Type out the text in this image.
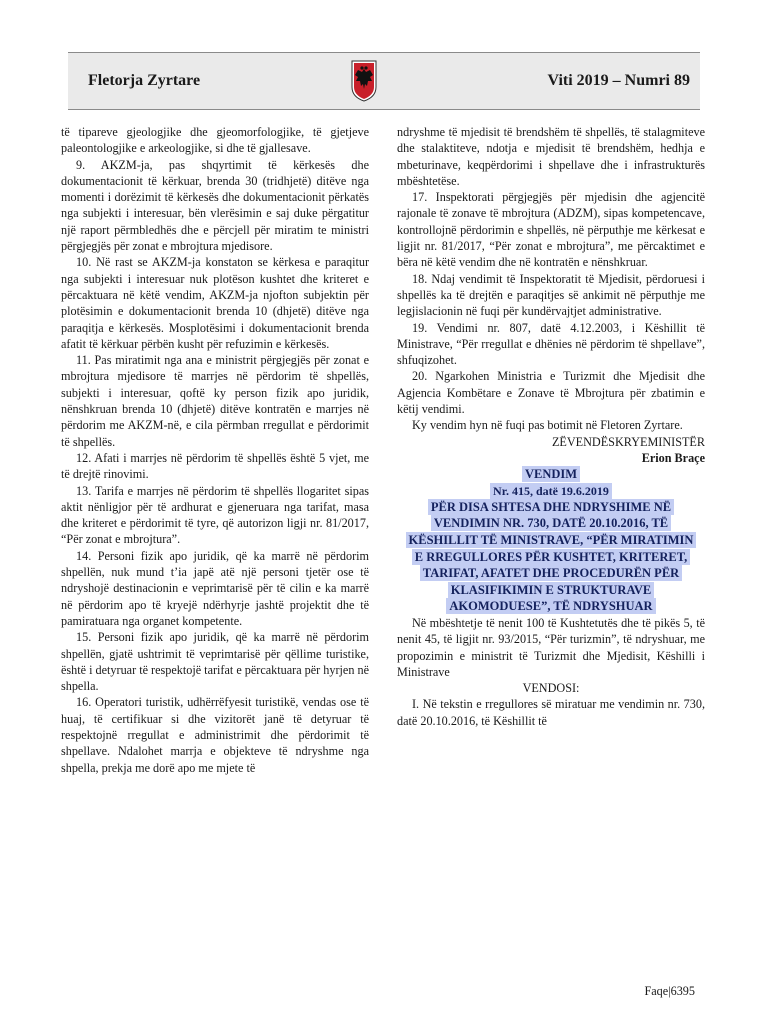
Fletorja Zyrtare	Viti 2019 – Numri 89

të tipareve gjeologjike dhe gjeomorfologjike, të gjetjeve paleontologjike e arkeologjike, si dhe të gjallesave.

9. AKZM-ja, pas shqyrtimit të kërkesës dhe dokumentacionit të kërkuar, brenda 30 (tridhjetë) ditëve nga momenti i dorëzimit të kërkesës dhe dokumentacionit përkatës nga subjekti i interesuar, bën vlerësimin e saj duke përgatitur një raport përmbledhës dhe e përcjell për miratim te ministri përgjegjës për zonat e mbrojtura mjedisore.

10. Në rast se AKZM-ja konstaton se kërkesa e paraqitur nga subjekti i interesuar nuk plotëson kushtet dhe kriteret e përcaktuara në këtë vendim, AKZM-ja njofton subjektin për plotësimin e dokumentacionit brenda 10 (dhjetë) ditëve nga paraqitja e kërkesës. Mosplotësimi i dokumentacionit brenda afatit të kërkuar përbën kusht për refuzimin e kërkesës.

11. Pas miratimit nga ana e ministrit përgjegjës për zonat e mbrojtura mjedisore të marrjes në përdorim të shpellës, subjekti i interesuar, qoftë ky person fizik apo juridik, nënshkruan brenda 10 (dhjetë) ditëve kontratën e marrjes në përdorim me AKZM-në, e cila përmban rregullat e përdorimit të shpellës.

12. Afati i marrjes në përdorim të shpellës është 5 vjet, me të drejtë rinovimi.

13. Tarifa e marrjes në përdorim të shpellës llogaritet sipas aktit nënligjor për të ardhurat e gjeneruara nga tarifat, masa dhe kriteret e përdorimit të tyre, që autorizon ligji nr. 81/2017, “Për zonat e mbrojtura”.

14. Personi fizik apo juridik, që ka marrë në përdorim shpellën, nuk mund t’ia japë atë një personi tjetër ose të ndryshojë destinacionin e veprimtarisë për të cilin e ka marrë në përdorim apo të kryejë ndërhyrje jashtë projektit dhe të pamiratuara nga organet kompetente.

15. Personi fizik apo juridik, që ka marrë në përdorim shpellën, gjatë ushtrimit të veprimtarisë për qëllime turistike, është i detyruar të respektojë tarifat e përcaktuara për hyrjen në shpella.

16. Operatori turistik, udhërrëfyesit turistikë, vendas ose të huaj, të certifikuar si dhe vizitorët janë të detyruar të respektojnë rregullat e administrimit dhe përdorimit të shpellave. Ndalohet marrja e objekteve të ndryshme nga shpella, prekja me dorë apo me mjete të

ndryshme të mjedisit të brendshëm të shpellës, të stalagmiteve dhe stalaktiteve, ndotja e mjedisit të brendshëm, hedhja e mbeturinave, keqpërdorimi i shpellave dhe i infrastrukturës mbështetëse.

17. Inspektorati përgjegjës për mjedisin dhe agjencitë rajonale të zonave të mbrojtura (ADZM), sipas kompetencave, kontrollojnë përdorimin e shpellës, në përputhje me kërkesat e ligjit nr. 81/2017, “Për zonat e mbrojtura”, me përcaktimet e bëra në këtë vendim dhe në kontratën e nënshkruar.

18. Ndaj vendimit të Inspektoratit të Mjedisit, përdoruesi i shpellës ka të drejtën e paraqitjes së ankimit në përputhje me legjislacionin në fuqi për kundërvajtjet administrative.

19. Vendimi nr. 807, datë 4.12.2003, i Këshillit të Ministrave, “Për rregullat e dhënies në përdorim të shpellave”, shfuqizohet.

20. Ngarkohen Ministria e Turizmit dhe Mjedisit dhe Agjencia Kombëtare e Zonave të Mbrojtura për zbatimin e këtij vendimi.

Ky vendim hyn në fuqi pas botimit në Fletoren Zyrtare.

ZËVENDËSKRYEMINISTËR

Erion Braçe

VENDIM

Nr. 415, datë 19.6.2019

PËR DISA SHTESA DHE NDRYSHIME NË VENDIMIN NR. 730, DATË 20.10.2016, TË KËSHILLIT TË MINISTRAVE, “PËR MIRATIMIN E RREGULLORES PËR KUSHTET, KRITERET, TARIFAT, AFATET DHE PROCEDURËN PËR KLASIFIKIMIN E STRUKTURAVE AKOMODUESE”, TË NDRYSHUAR

Në mbështetje të nenit 100 të Kushtetutës dhe të pikës 5, të nenit 45, të ligjit nr. 93/2015, “Për turizmin”, të ndryshuar, me propozimin e ministrit të Turizmit dhe Mjedisit, Këshilli i Ministrave

VENDOSI:

I. Në tekstin e rregullores së miratuar me vendimin nr. 730, datë 20.10.2016, të Këshillit të

Faqe|6395
